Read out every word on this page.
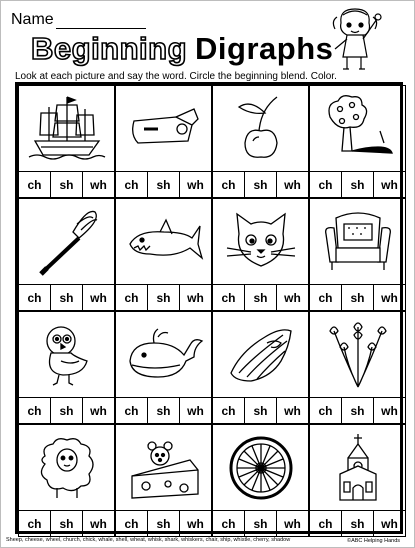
Name
Beginning Digraphs
Look at each picture and say the word. Circle the beginning blend. Color.
ch	sh	wh	ch	sh	wh	ch	sh	wh	ch	sh	wh
ch	sh	wh	ch	sh	wh	ch	sh	wh	ch	sh	wh
ch	sh	wh	ch	sh	wh	ch	sh	wh	ch	sh	wh
ch	sh	wh	ch	sh	wh	ch	sh	wh	ch	sh	wh
Sheep, cheese, wheel, church, chick, whale, shell, wheat, whisk, shark, whiskers, chair, ship, whistle, cherry, shadow	©ABC Helping Hands
